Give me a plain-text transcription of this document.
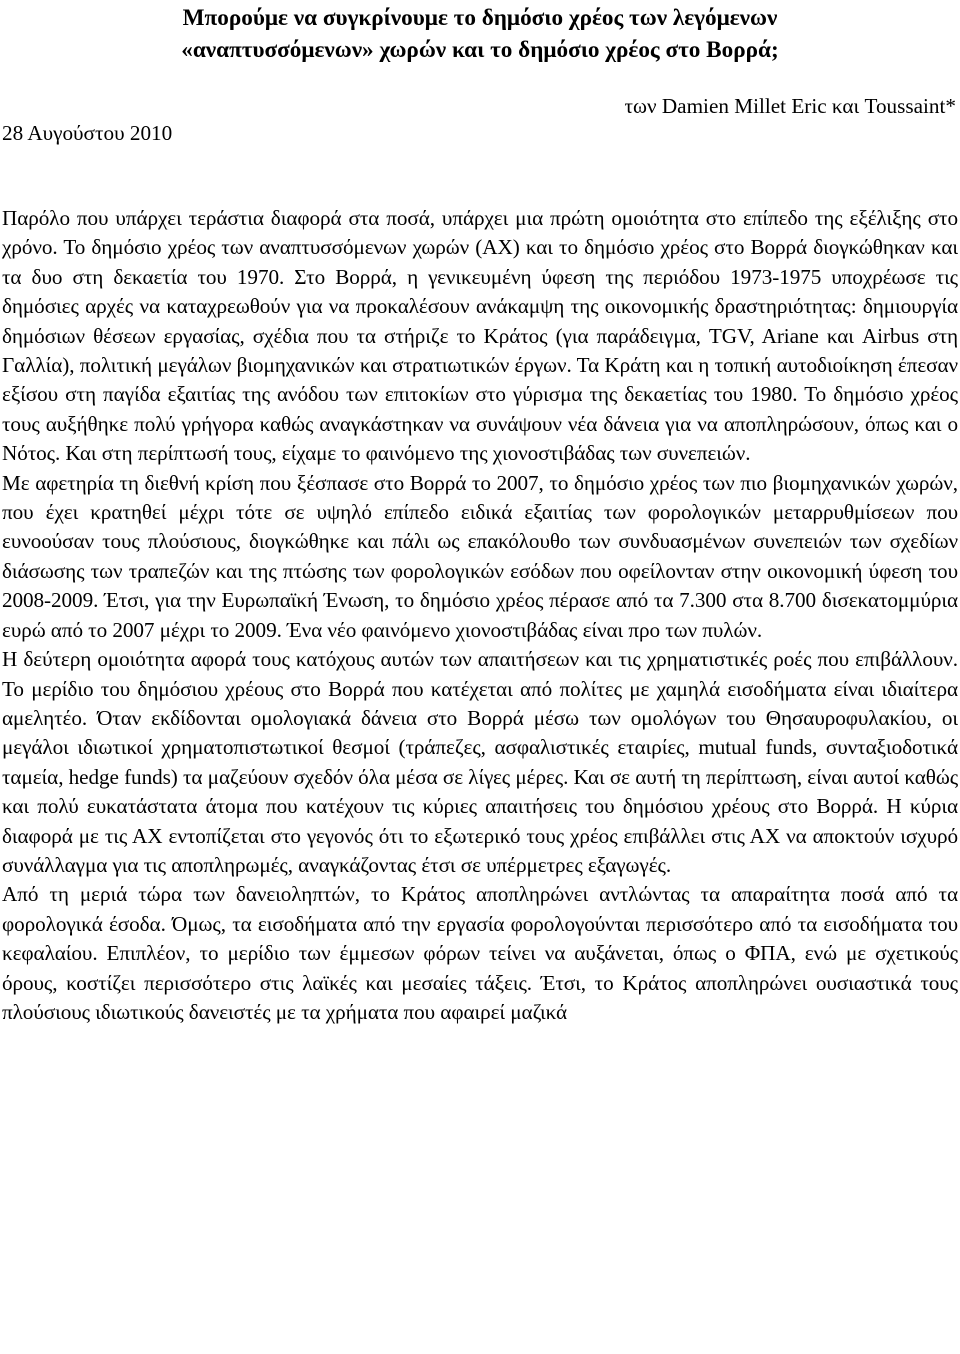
Μπορούμε να συγκρίνουμε το δημόσιο χρέος των λεγόμενων
«αναπτυσσόμενων» χωρών και το δημόσιο χρέος στο Βορρά;
των Damien Millet Eric και Toussaint*
28 Αυγούστου 2010

Παρόλο που υπάρχει τεράστια διαφορά στα ποσά, υπάρχει μια πρώτη ομοιότητα στο επίπεδο της εξέλιξης στο χρόνο. Το δημόσιο χρέος των αναπτυσσόμενων χωρών (ΑΧ) και το δημόσιο χρέος στο Βορρά διογκώθηκαν και τα δυο στη δεκαετία του 1970. Στο Βορρά, η γενικευμένη ύφεση της περιόδου 1973-1975 υποχρέωσε τις δημόσιες αρχές να καταχρεωθούν για να προκαλέσουν ανάκαμψη της οικονομικής δραστηριότητας: δημιουργία δημόσιων θέσεων εργασίας, σχέδια που τα στήριζε το Κράτος (για παράδειγμα, TGV, Ariane και Airbus στη Γαλλία), πολιτική μεγάλων βιομηχανικών και στρατιωτικών έργων. Τα Κράτη και η τοπική αυτοδιοίκηση έπεσαν εξίσου στη παγίδα εξαιτίας της ανόδου των επιτοκίων στο γύρισμα της δεκαετίας του 1980. Το δημόσιο χρέος τους αυξήθηκε πολύ γρήγορα καθώς αναγκάστηκαν να συνάψουν νέα δάνεια για να αποπληρώσουν, όπως και ο Νότος. Και στη περίπτωσή τους, είχαμε το φαινόμενο της χιονοστιβάδας των συνεπειών.

Με αφετηρία τη διεθνή κρίση που ξέσπασε στο Βορρά το 2007, το δημόσιο χρέος των πιο βιομηχανικών χωρών, που έχει κρατηθεί μέχρι τότε σε υψηλό επίπεδο ειδικά εξαιτίας των φορολογικών μεταρρυθμίσεων που ευνοούσαν τους πλούσιους, διογκώθηκε και πάλι ως επακόλουθο των συνδυασμένων συνεπειών των σχεδίων διάσωσης των τραπεζών και της πτώσης των φορολογικών εσόδων που οφείλονταν στην οικονομική ύφεση του 2008-2009. Έτσι, για την Ευρωπαϊκή Ένωση, το δημόσιο χρέος πέρασε από τα 7.300 στα 8.700 δισεκατομμύρια ευρώ από το 2007 μέχρι το 2009. Ένα νέο φαινόμενο χιονοστιβάδας είναι προ των πυλών.

Η δεύτερη ομοιότητα αφορά τους κατόχους αυτών των απαιτήσεων και τις χρηματιστικές ροές που επιβάλλουν. Το μερίδιο του δημόσιου χρέους στο Βορρά που κατέχεται από πολίτες με χαμηλά εισοδήματα είναι ιδιαίτερα αμελητέο. Όταν εκδίδονται ομολογιακά δάνεια στο Βορρά μέσω των ομολόγων του Θησαυροφυλακίου, οι μεγάλοι ιδιωτικοί χρηματοπιστωτικοί θεσμοί (τράπεζες, ασφαλιστικές εταιρίες, mutual funds, συνταξιοδοτικά ταμεία, hedge funds) τα μαζεύουν σχεδόν όλα μέσα σε λίγες μέρες. Και σε αυτή τη περίπτωση, είναι αυτοί καθώς και πολύ ευκατάστατα άτομα που κατέχουν τις κύριες απαιτήσεις του δημόσιου χρέους στο Βορρά. Η κύρια διαφορά με τις ΑΧ εντοπίζεται στο γεγονός ότι το εξωτερικό τους χρέος επιβάλλει στις ΑΧ να αποκτούν ισχυρό συνάλλαγμα για τις αποπληρωμές, αναγκάζοντας έτσι σε υπέρμετρες εξαγωγές.

Από τη μεριά τώρα των δανειοληπτών, το Κράτος αποπληρώνει αντλώντας τα απαραίτητα ποσά από τα φορολογικά έσοδα. Όμως, τα εισοδήματα από την εργασία φορολογούνται περισσότερο από τα εισοδήματα του κεφαλαίου. Επιπλέον, το μερίδιο των έμμεσων φόρων τείνει να αυξάνεται, όπως ο ΦΠΑ, ενώ με σχετικούς όρους, κοστίζει περισσότερο στις λαϊκές και μεσαίες τάξεις. Έτσι, το Κράτος αποπληρώνει ουσιαστικά τους πλούσιους ιδιωτικούς δανειστές με τα χρήματα που αφαιρεί μαζικά
